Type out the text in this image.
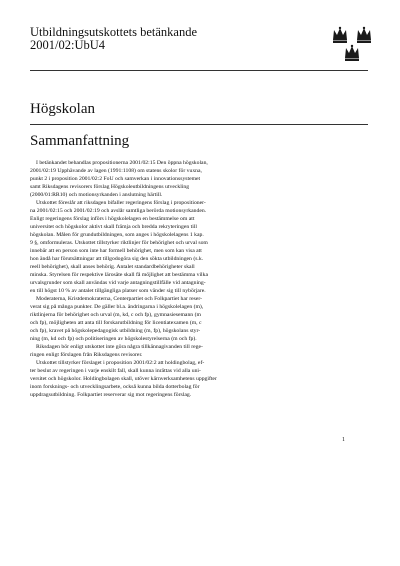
Utbildningsutskottets betänkande
2001/02:UbU4
Högskolan
Sammanfattning
I betänkandet behandlas propositionerna 2001/02:15 Den öppna högskolan,
2001/02:19 Upphävande av lagen (1991:1108) om statens skolor för vuxna,
punkt 2 i proposition 2001/02:2 FoU och samverkan i innovationssystemet
samt Riksdagens revisorers förslag Högskoleutbildningens utveckling
(2000/01:RR10) och motionsyrkanden i anslutning härtill.
Utskottet föreslår att riksdagen bifaller regeringens förslag i propositioner-
na 2001/02:15 och 2001/02:19 och avslår samtliga berörda motionsyrkanden.
Enligt regeringens förslag införs i högskolelagen en bestämmelse om att
universitet och högskolor aktivt skall främja och bredda rekryteringen till
högskolan. Målen för grundutbildningen, som anges i högskolelagens 1 kap.
9 §, omformuleras. Utskottet tillstyrker riktlinjer för behörighet och urval som
innebär att en person som inte har formell behörighet, men som kan visa att
hon ändå har förutsättningar att tillgodogöra sig den sökta utbildningen (s.k.
reell behörighet), skall anses behörig. Antalet standardbehörigheter skall
minska. Styrelsen för respektive lärosäte skall få möjlighet att bestämma vilka
urvalsgrunder som skall användas vid varje antagningstillfälle vid antagning-
en till högst 10 % av antalet tillgängliga platser som vänder sig till nybörjare.
Moderaterna, Kristdemokraterna, Centerpartiet och Folkpartiet har reser-
verat sig på många punkter. De gäller bl.a. ändringarna i högskolelagen (m),
riktlinjerna för behörighet och urval (m, kd, c och fp), gymnasiesemann (m
och fp), möjligheten att anta till forskarutbildning för licentiatexamen (m, c
och fp), kravet på högskolepedagogisk utbildning (m, fp), högskolans styr-
ning (m, kd och fp) och politiseringen av högskolestyrelserna (m och fp).
Riksdagen bör enligt utskottet inte göra några tillkännagivanden till rege-
ringen enligt förslagen från Riksdagens revisorer.
Utskottet tillstyrker förslaget i proposition 2001/02:2 att holdingbolag, ef-
ter beslut av regeringen i varje enskilt fall, skall kunna inrättas vid alla uni-
versitet och högskolor. Holdingbolagen skall, utöver kärnverksamhetens uppgifter
inom forsknings- och utvecklingsarbete, också kunna bilda dotterbolag för
uppdragsutbildning. Folkpartiet reserverar sig mot regeringens förslag.
1
